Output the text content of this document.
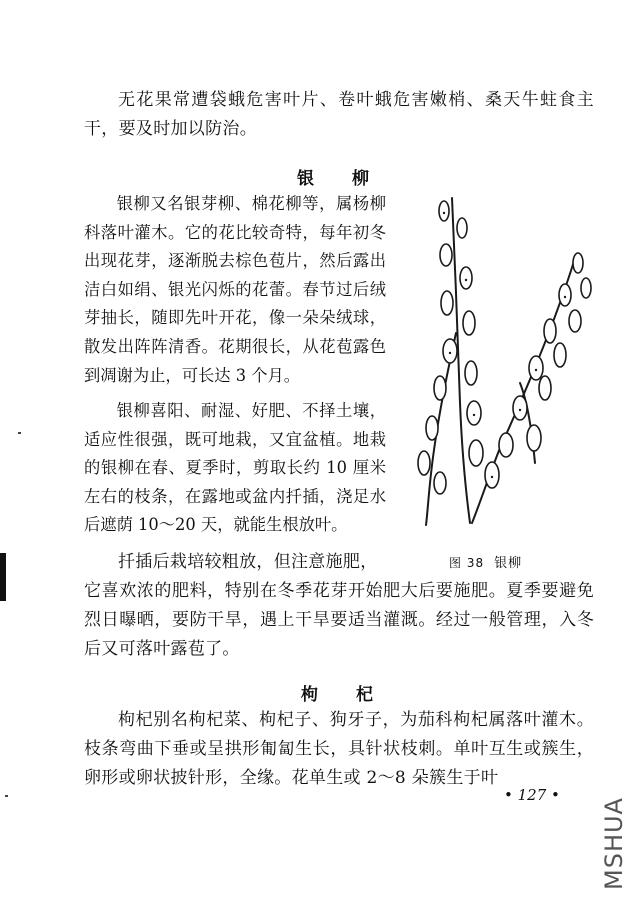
无花果常遭袋蛾危害叶片、卷叶蛾危害嫩梢、桑天牛蛀食主干，要及时加以防治。

银柳

银柳又名银芽柳、棉花柳等，属杨柳科落叶灌木。它的花比较奇特，每年初冬出现花芽，逐渐脱去棕色苞片，然后露出洁白如绢、银光闪烁的花蕾。春节过后绒芽抽长，随即先叶开花，像一朵朵绒球，散发出阵阵清香。花期很长，从花苞露色到凋谢为止，可长达 3 个月。

银柳喜阳、耐湿、好肥、不择土壤，适应性很强，既可地栽，又宜盆植。地栽的银柳在春、夏季时，剪取长约 10 厘米左右的枝条，在露地或盆内扦插，浇足水后遮荫 10～20 天，就能生根放叶。

扦插后栽培较粗放，但注意施肥，

它喜欢浓的肥料，特别在冬季花芽开始肥大后要施肥。夏季要避免烈日曝晒，要防干旱，遇上干旱要适当灌溉。经过一般管理，入冬后又可落叶露苞了。

图 38 银柳
枸杞

枸杞别名枸杞菜、枸杞子、狗牙子，为茄科枸杞属落叶灌木。枝条弯曲下垂或呈拱形匍匐生长，具针状枝刺。单叶互生或簇生，卵形或卵状披针形，全缘。花单生或 2～8 朵簇生于叶

• 127 •
MSHUA
